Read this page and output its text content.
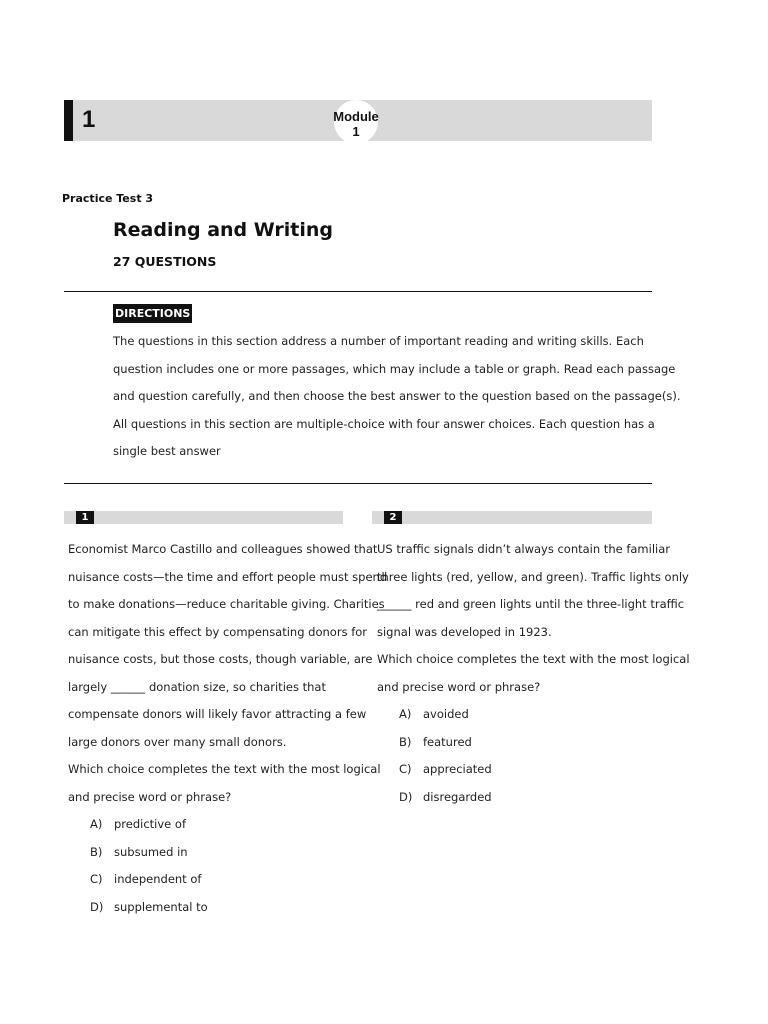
1	Module
1
Practice Test 3
Reading and Writing
27 QUESTIONS
DIRECTIONS
The questions in this section address a number of important reading and writing skills. Each
question includes one or more passages, which may include a table or graph. Read each passage
and question carefully, and then choose the best answer to the question based on the passage(s).
All questions in this section are multiple-choice with four answer choices. Each question has a
single best answer
1
Economist Marco Castillo and colleagues showed that
nuisance costs—the time and effort people must spend
to make donations—reduce charitable giving. Charities
can mitigate this effect by compensating donors for
nuisance costs, but those costs, though variable, are
largely ______ donation size, so charities that
compensate donors will likely favor attracting a few
large donors over many small donors.
Which choice completes the text with the most logical
and precise word or phrase?
A) predictive of
B) subsumed in
C) independent of
D) supplemental to
2
US traffic signals didn’t always contain the familiar
three lights (red, yellow, and green). Traffic lights only
______ red and green lights until the three-light traffic
signal was developed in 1923.
Which choice completes the text with the most logical
and precise word or phrase?
A) avoided
B) featured
C) appreciated
D) disregarded
